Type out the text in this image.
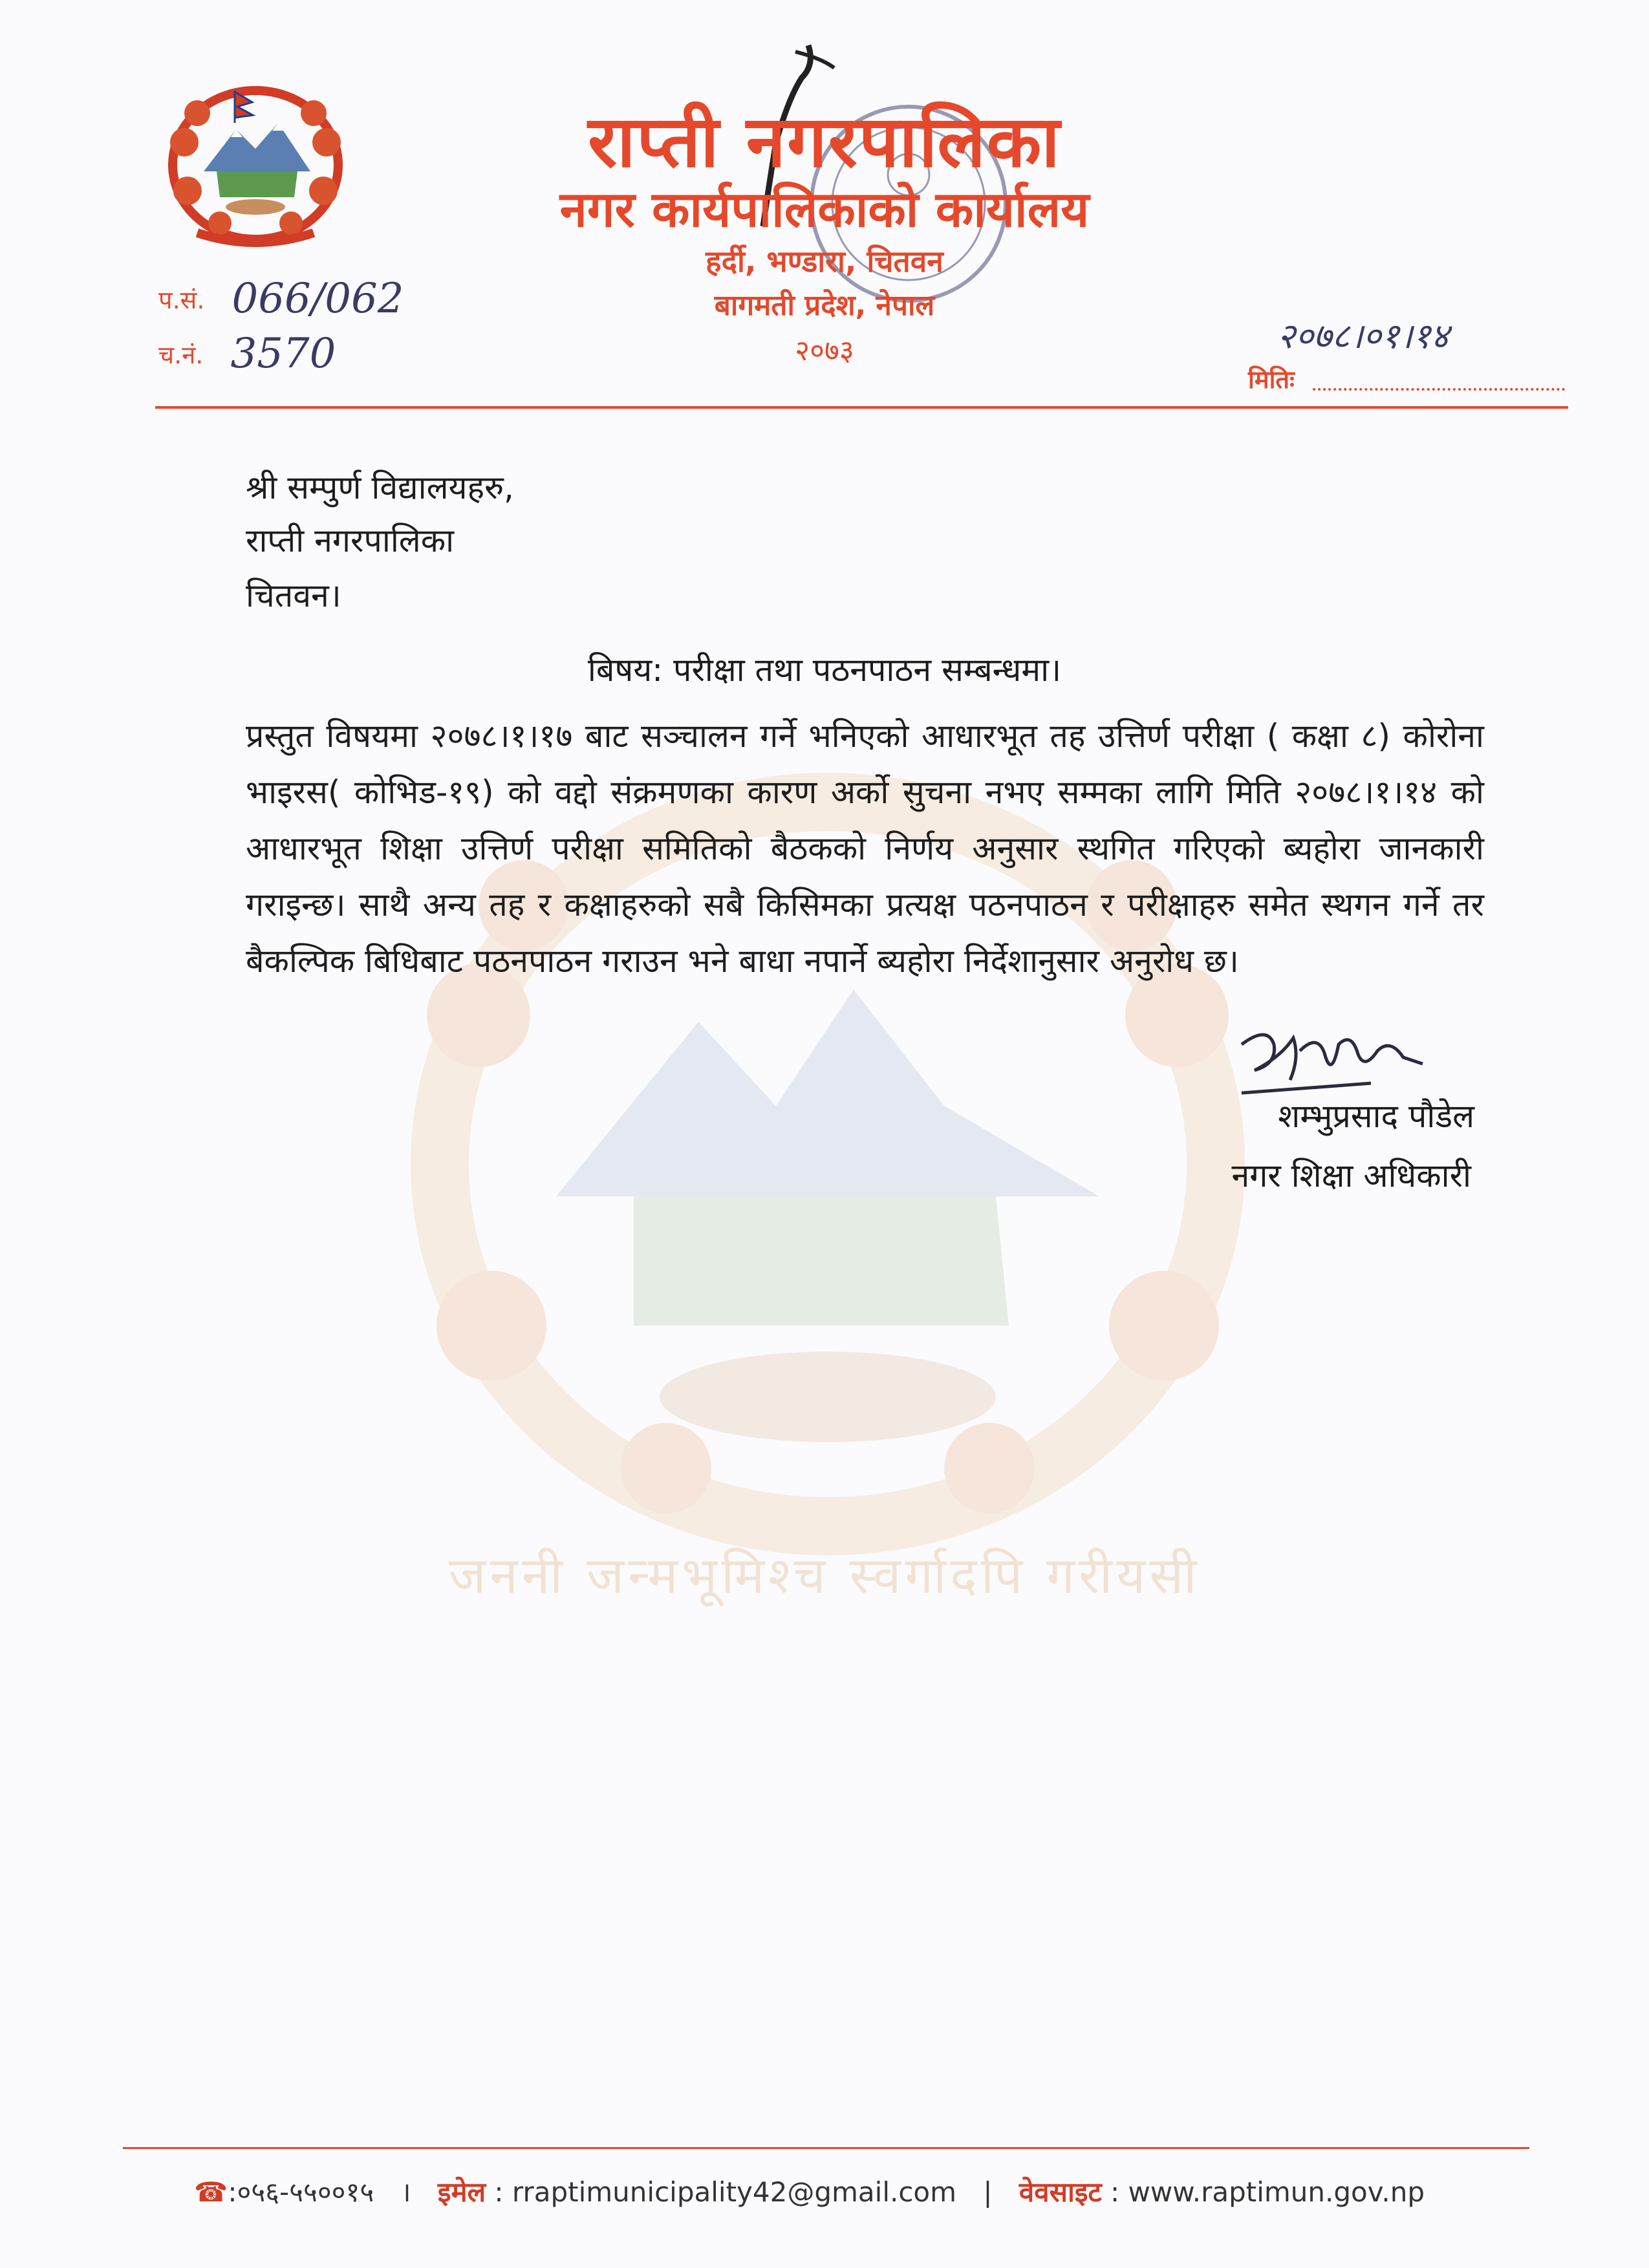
जननी जन्मभूमिश्च स्वर्गादपि गरीयसी
राप्ती नगरपालिका
नगर कार्यपालिकाको कार्यालय
हर्दी, भण्डारा, चितवन
बागमती प्रदेश, नेपाल
२०७३
प.सं. 066/062
च.नं. 3570	२०७८।०१।१४
मितिः
श्री सम्पुर्ण विद्यालयहरु,
राप्ती नगरपालिका
चितवन।
बिषय: परीक्षा तथा पठनपाठन सम्बन्धमा।
प्रस्तुत विषयमा २०७८।१।१७ बाट सञ्चालन गर्ने भनिएको आधारभूत तह उत्तिर्ण परीक्षा ( कक्षा ८) कोरोना भाइरस( कोभिड-१९) को वद्दो संक्रमणका कारण अर्को सुचना नभए सम्मका लागि मिति २०७८।१।१४ को आधारभूत शिक्षा उत्तिर्ण परीक्षा समितिको बैठकको निर्णय अनुसार स्थगित गरिएको ब्यहोरा जानकारी गराइन्छ। साथै अन्य तह र कक्षाहरुको सबै किसिमका प्रत्यक्ष पठनपाठन र परीक्षाहरु समेत स्थगन गर्ने तर बैकल्पिक बिधिबाट पठनपाठन गराउन भने बाधा नपार्ने ब्यहोरा निर्देशानुसार अनुरोध छ।
शम्भुप्रसाद पौडेल
नगर शिक्षा अधिकारी
☎:०५६-५५००१५ । इमेल : rraptimunicipality42@gmail.com | वेवसाइट : www.raptimun.gov.np
